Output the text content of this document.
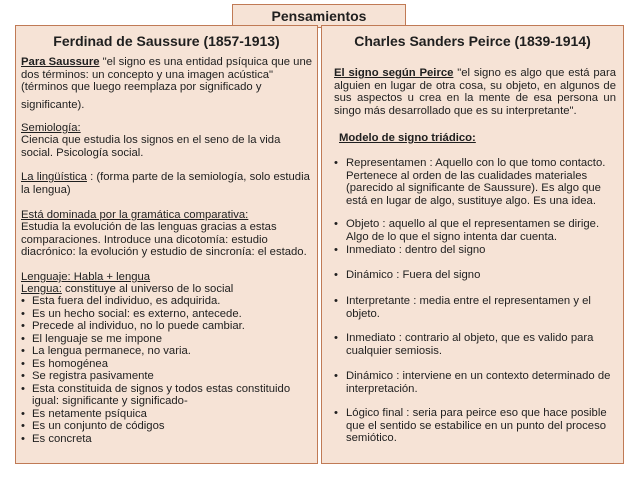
Pensamientos
Ferdinad de Saussure (1857-1913)
Para Saussure "el signo es una entidad psíquica que une dos términos: un concepto y una imagen acústica" (términos que luego reemplaza por significado y
significante).
Semiología:
Ciencia que estudia los signos en el seno de la vida social. Psicología social.
La lingüística : (forma parte de la semiología, solo estudia la lengua)
Está dominada por la gramática comparativa:
Estudia la evolución de las lenguas gracias a estas comparaciones. Introduce una dicotomía: estudio diacrónico: la evolución y estudio de sincronía: el estado.
Lenguaje: Habla + lengua
Lengua: constituye al universo de lo social
• Esta fuera del individuo, es adquirida.
• Es un hecho social: es externo, antecede.
• Precede al individuo, no lo puede cambiar.
• El lenguaje se me impone
• La lengua permanece, no varia.
• Es homogénea
• Se registra pasivamente
• Esta constituida de signos y todos estas constituido igual: significante y significado-
• Es netamente psíquica
• Es un conjunto de códigos
• Es concreta
Charles Sanders Peirce (1839-1914)
El signo según Peirce "el signo es algo que está para alguien en lugar de otra cosa, su objeto, en algunos de sus aspectos u crea en la mente de esa persona un singo más desarrollado que es su interpretante".
Modelo de signo triádico:
• Representamen : Aquello con lo que tomo contacto. Pertenece al orden de las cualidades materiales (parecido al significante de Saussure). Es algo que está en lugar de algo, sustituye algo. Es una idea.
• Objeto : aquello al que el representamen se dirige. Algo de lo que el signo intenta dar cuenta.
• Inmediato : dentro del signo
• Dinámico : Fuera del signo
• Interpretante : media entre el representamen y el objeto.
• Inmediato : contrario al objeto, que es valido para cualquier semiosis.
• Dinámico : interviene en un contexto determinado de interpretación.
• Lógico final : seria para peirce eso que hace posible que el sentido se estabilice en un punto del proceso semiótico.
